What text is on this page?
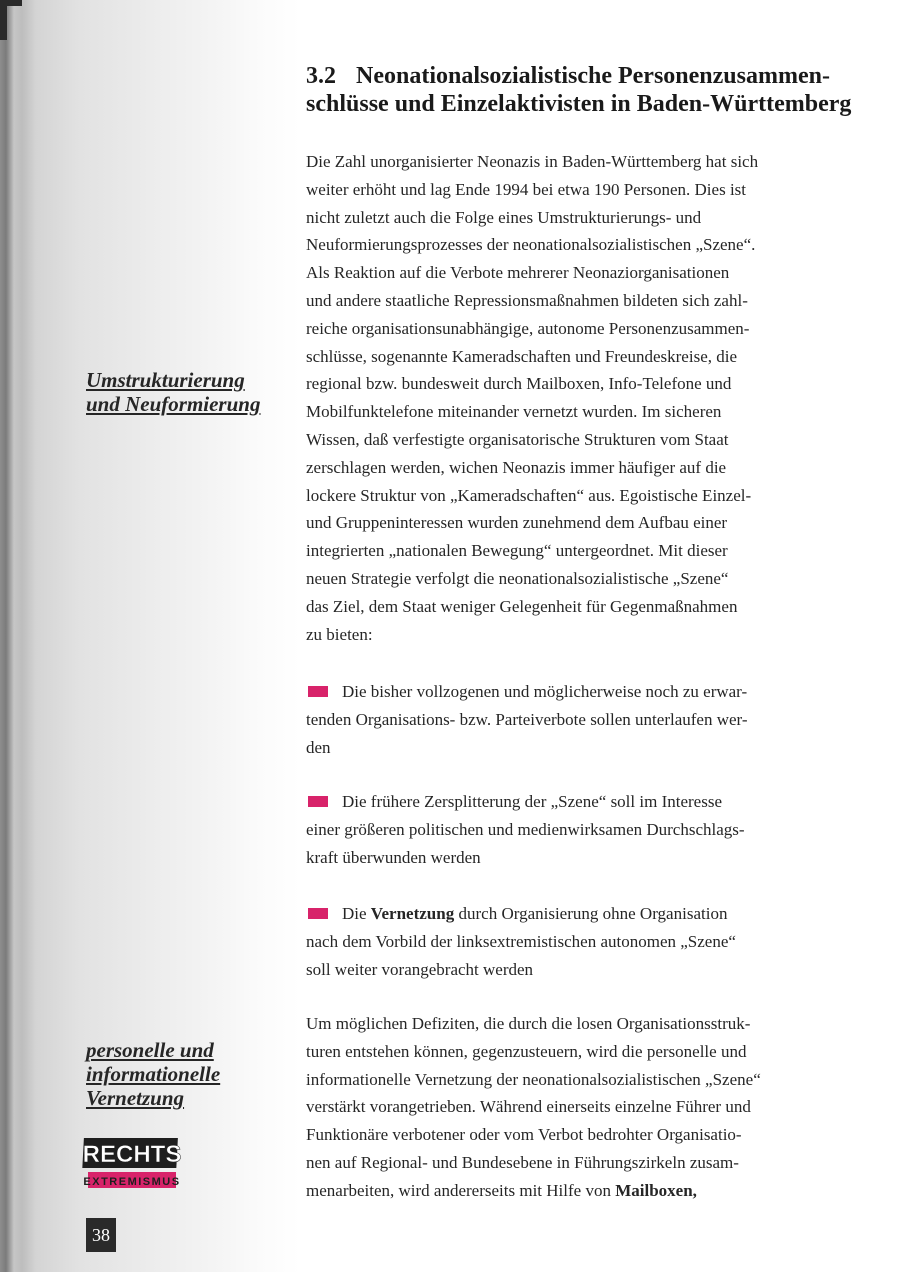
Umstrukturierung
und Neuformierung
personelle und
informationelle
Vernetzung
RECHTS
EXTREMISMUS
38
3.2 Neonationalsozialistische Personenzusammen-
schlüsse und Einzelaktivisten in Baden-Württemberg
Die Zahl unorganisierter Neonazis in Baden-Württemberg hat sich
weiter erhöht und lag Ende 1994 bei etwa 190 Personen. Dies ist
nicht zuletzt auch die Folge eines Umstrukturierungs- und
Neuformierungsprozesses der neonationalsozialistischen „Szene“.
Als Reaktion auf die Verbote mehrerer Neonaziorganisationen
und andere staatliche Repressionsmaßnahmen bildeten sich zahl-
reiche organisationsunabhängige, autonome Personenzusammen-
schlüsse, sogenannte Kameradschaften und Freundeskreise, die
regional bzw. bundesweit durch Mailboxen, Info-Telefone und
Mobilfunktelefone miteinander vernetzt wurden. Im sicheren
Wissen, daß verfestigte organisatorische Strukturen vom Staat
zerschlagen werden, wichen Neonazis immer häufiger auf die
lockere Struktur von „Kameradschaften“ aus. Egoistische Einzel-
und Gruppeninteressen wurden zunehmend dem Aufbau einer
integrierten „nationalen Bewegung“ untergeordnet. Mit dieser
neuen Strategie verfolgt die neonationalsozialistische „Szene“
das Ziel, dem Staat weniger Gelegenheit für Gegenmaßnahmen
zu bieten:
Die bisher vollzogenen und möglicherweise noch zu erwar-
tenden Organisations- bzw. Parteiverbote sollen unterlaufen wer-
den
Die frühere Zersplitterung der „Szene“ soll im Interesse
einer größeren politischen und medienwirksamen Durchschlags-
kraft überwunden werden
Die Vernetzung durch Organisierung ohne Organisation
nach dem Vorbild der linksextremistischen autonomen „Szene“
soll weiter vorangebracht werden
Um möglichen Defiziten, die durch die losen Organisationsstruk-
turen entstehen können, gegenzusteuern, wird die personelle und
informationelle Vernetzung der neonationalsozialistischen „Szene“
verstärkt vorangetrieben. Während einerseits einzelne Führer und
Funktionäre verbotener oder vom Verbot bedrohter Organisatio-
nen auf Regional- und Bundesebene in Führungszirkeln zusam-
menarbeiten, wird andererseits mit Hilfe von Mailboxen,
